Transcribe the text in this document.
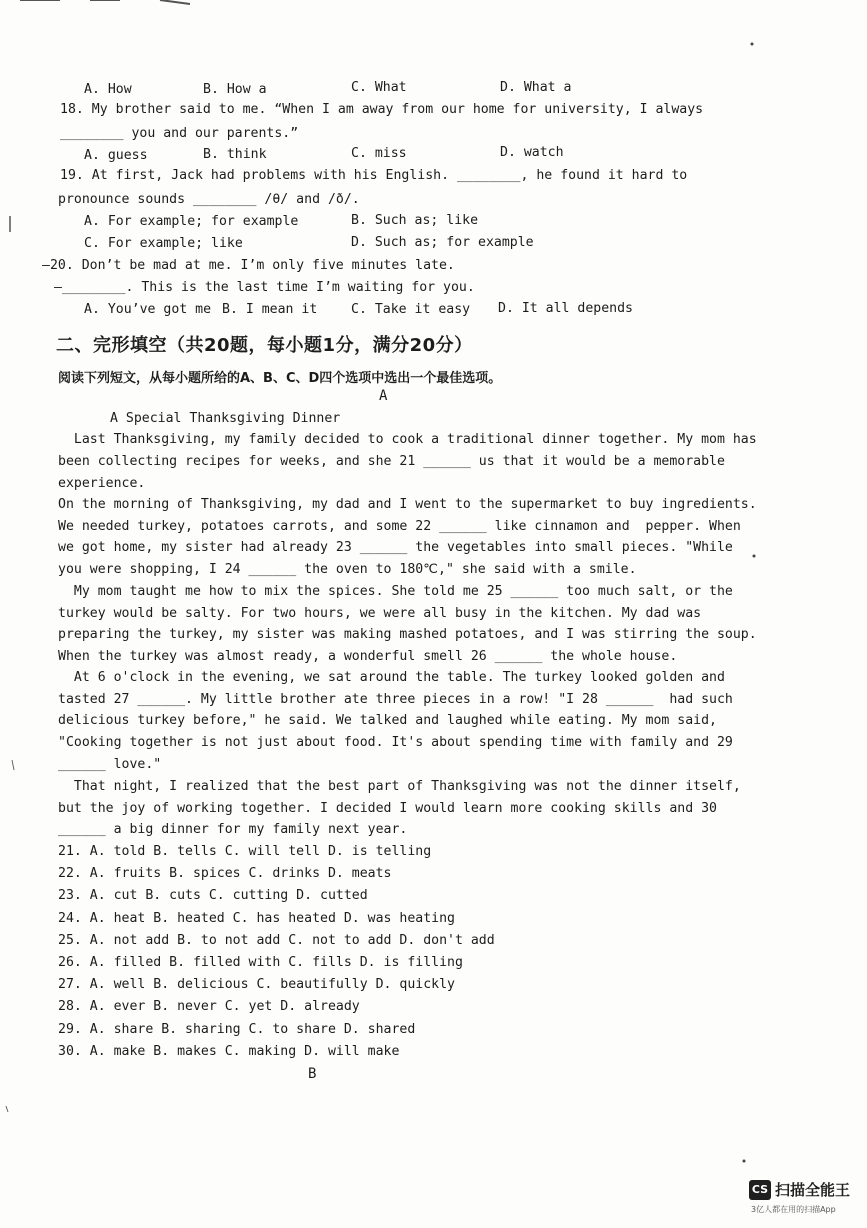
A. How	B. How a	C. What	D. What a
18. My brother said to me. “When I am away from our home for university, I always
________ you and our parents.”
A. guess	B. think	C. miss	D. watch
19. At first, Jack had problems with his English. ________, he found it hard to
pronounce sounds ________ /θ/ and /ð/.
A. For example; for example	B. Such as; like
C. For example; like	D. Such as; for example
—20. Don’t be mad at me. I’m only five minutes late.
—________. This is the last time I’m waiting for you.
A. You’ve got me B. I mean it	C. Take it easy D. It all depends
二、完形填空（共20题，每小题1分，满分20分）
阅读下列短文，从每小题所给的A、B、C、D四个选项中选出一个最佳选项。
A
A Special Thanksgiving Dinner
Last Thanksgiving, my family decided to cook a traditional dinner together. My mom has
been collecting recipes for weeks, and she 21 ______ us that it would be a memorable
experience.
On the morning of Thanksgiving, my dad and I went to the supermarket to buy ingredients.
We needed turkey, potatoes carrots, and some 22 ______ like cinnamon and  pepper. When
we got home, my sister had already 23 ______ the vegetables into small pieces. "While
you were shopping, I 24 ______ the oven to 180℃," she said with a smile.
My mom taught me how to mix the spices. She told me 25 ______ too much salt, or the
turkey would be salty. For two hours, we were all busy in the kitchen. My dad was
preparing the turkey, my sister was making mashed potatoes, and I was stirring the soup.
When the turkey was almost ready, a wonderful smell 26 ______ the whole house.
At 6 o'clock in the evening, we sat around the table. The turkey looked golden and
tasted 27 ______. My little brother ate three pieces in a row! "I 28 ______  had such
delicious turkey before," he said. We talked and laughed while eating. My mom said,
"Cooking together is not just about food. It's about spending time with family and 29
______ love."
That night, I realized that the best part of Thanksgiving was not the dinner itself,
but the joy of working together. I decided I would learn more cooking skills and 30
______ a big dinner for my family next year.
21. A. told B. tells C. will tell D. is telling
22. A. fruits B. spices C. drinks D. meats
23. A. cut B. cuts C. cutting D. cutted
24. A. heat B. heated C. has heated D. was heating
25. A. not add B. to not add C. not to add D. don't add
26. A. filled B. filled with C. fills D. is filling
27. A. well B. delicious C. beautifully D. quickly
28. A. ever B. never C. yet D. already
29. A. share B. sharing C. to share D. shared
30. A. make B. makes C. making D. will make
B
CS 扫描全能王
3亿人都在用的扫描App
